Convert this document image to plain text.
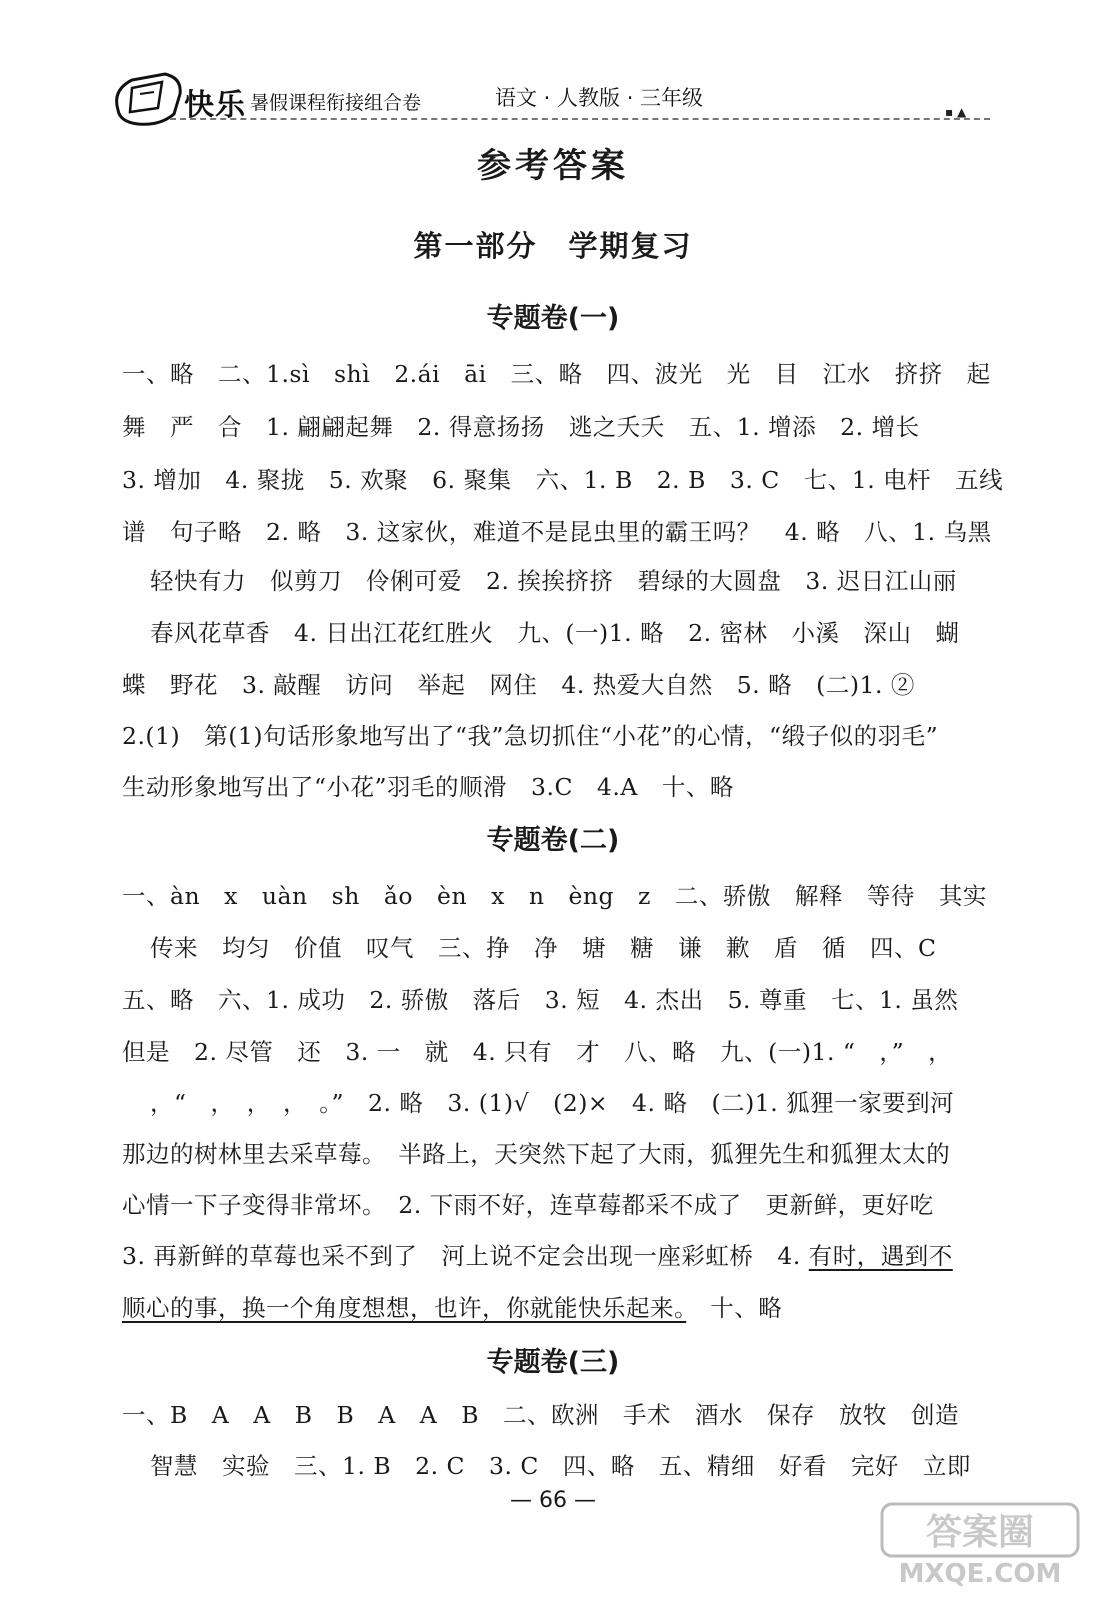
快乐 暑假课程衔接组合卷	语文 · 人教版 · 三年级
▪ ▲
参考答案
第一部分　学期复习
专题卷(一)
一、略　二、1.sì　shì　2.ái　āi　三、略　四、波光　光　目　江水　挤挤　起
舞　严　合　1. 翩翩起舞　2. 得意扬扬　逃之夭夭　五、1. 增添　2. 增长
3. 增加　4. 聚拢　5. 欢聚　6. 聚集　六、1. B　2. B　3. C　七、1. 电杆　五线
谱　句子略　2. 略　3. 这家伙，难道不是昆虫里的霸王吗？　4. 略　八、1. 乌黑
轻快有力　似剪刀　伶俐可爱　2. 挨挨挤挤　碧绿的大圆盘　3. 迟日江山丽
春风花草香　4. 日出江花红胜火　九、(一)1. 略　2. 密林　小溪　深山　蝴
蝶　野花　3. 敲醒　访问　举起　网住　4. 热爱大自然　5. 略　(二)1. ②
2.(1)　第(1)句话形象地写出了“我”急切抓住“小花”的心情，“缎子似的羽毛”
生动形象地写出了“小花”羽毛的顺滑　3.C　4.A　十、略
专题卷(二)
一、àn　x　uàn　sh　ǎo　èn　x　n　èng　z　二、骄傲　解释　等待　其实
传来　均匀　价值　叹气　三、挣　净　塘　糖　谦　歉　盾　循　四、C
五、略　六、1. 成功　2. 骄傲　落后　3. 短　4. 杰出　5. 尊重　七、1. 虽然
但是　2. 尽管　还　3. 一　就　4. 只有　才　八、略　九、(一)1. “　，”　，
，“　，　，　，　。”　2. 略　3. (1)√　(2)×　4. 略　(二)1. 狐狸一家要到河
那边的树林里去采草莓。　半路上，天突然下起了大雨，狐狸先生和狐狸太太的
心情一下子变得非常坏。　2. 下雨不好，连草莓都采不成了　更新鲜，更好吃
3. 再新鲜的草莓也采不到了　河上说不定会出现一座彩虹桥　4. 有时，遇到不
顺心的事，换一个角度想想，也许，你就能快乐起来。　十、略
专题卷(三)
一、B　A　A　B　B　A　A　B　二、欧洲　手术　酒水　保存　放牧　创造
智慧　实验　三、1. B　2. C　3. C　四、略　五、精细　好看　完好　立即
— 66 —
答案圈
MXQE.COM
